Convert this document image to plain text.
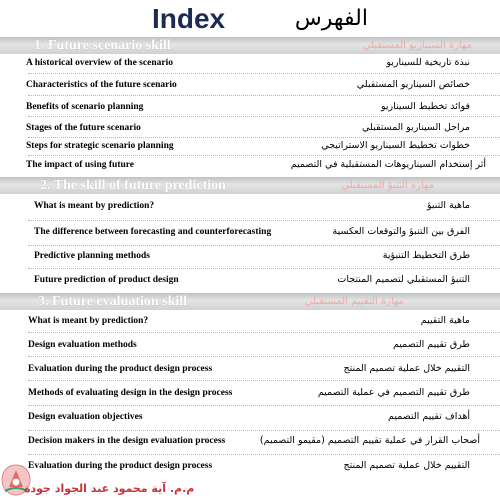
Index	الفهرس
1. Future scenario skill	مهارة السيناريو المستقبلي
A historical overview of the scenario	نبذة تاريخية للسيناريو
Characteristics of the future scenario	خصائص السيناريو المستقبلي
Benefits of scenario planning	فوائد تخطيط السيناريو
Stages of the future scenario	مراحل السيناريو المستقبلي
Steps for strategic scenario planning	خطوات تخطيط السيناريو الاستراتيجي
The impact of using future	أثر إستخدام السيناريوهات المستقبلية في التصميم
2. The skill of future prediction	مهارة التنبؤ المستقبلي
What is meant by prediction?	ماهية التنبؤ
The difference between forecasting and counterforecasting	الفرق بين التنبؤ والتوقعات العكسية
Predictive planning methods	طرق التخطيط التنبؤية
Future prediction of product design	التنبؤ المستقبلي لتصميم المنتجات
3. Future evaluation skill	مهارة التقييم المستقبلي
What is meant by prediction?	ماهية التقييم
Design evaluation methods	طرق تقييم التصميم
Evaluation during the product design process	التقييم خلال عملية تصميم المنتج
Methods of evaluating design in the design process	طرق تقييم التصميم في عملية التصميم
Design evaluation objectives	أهداف تقييم التصميم
Decision makers in the design evaluation process	أصحاب القرار في عملية تقييم التصميم (مقيمو التصميم)
Evaluation during the product design process	التقييم خلال عملية تصميم المنتج
م.م. آية محمود عبد الجواد جودة
